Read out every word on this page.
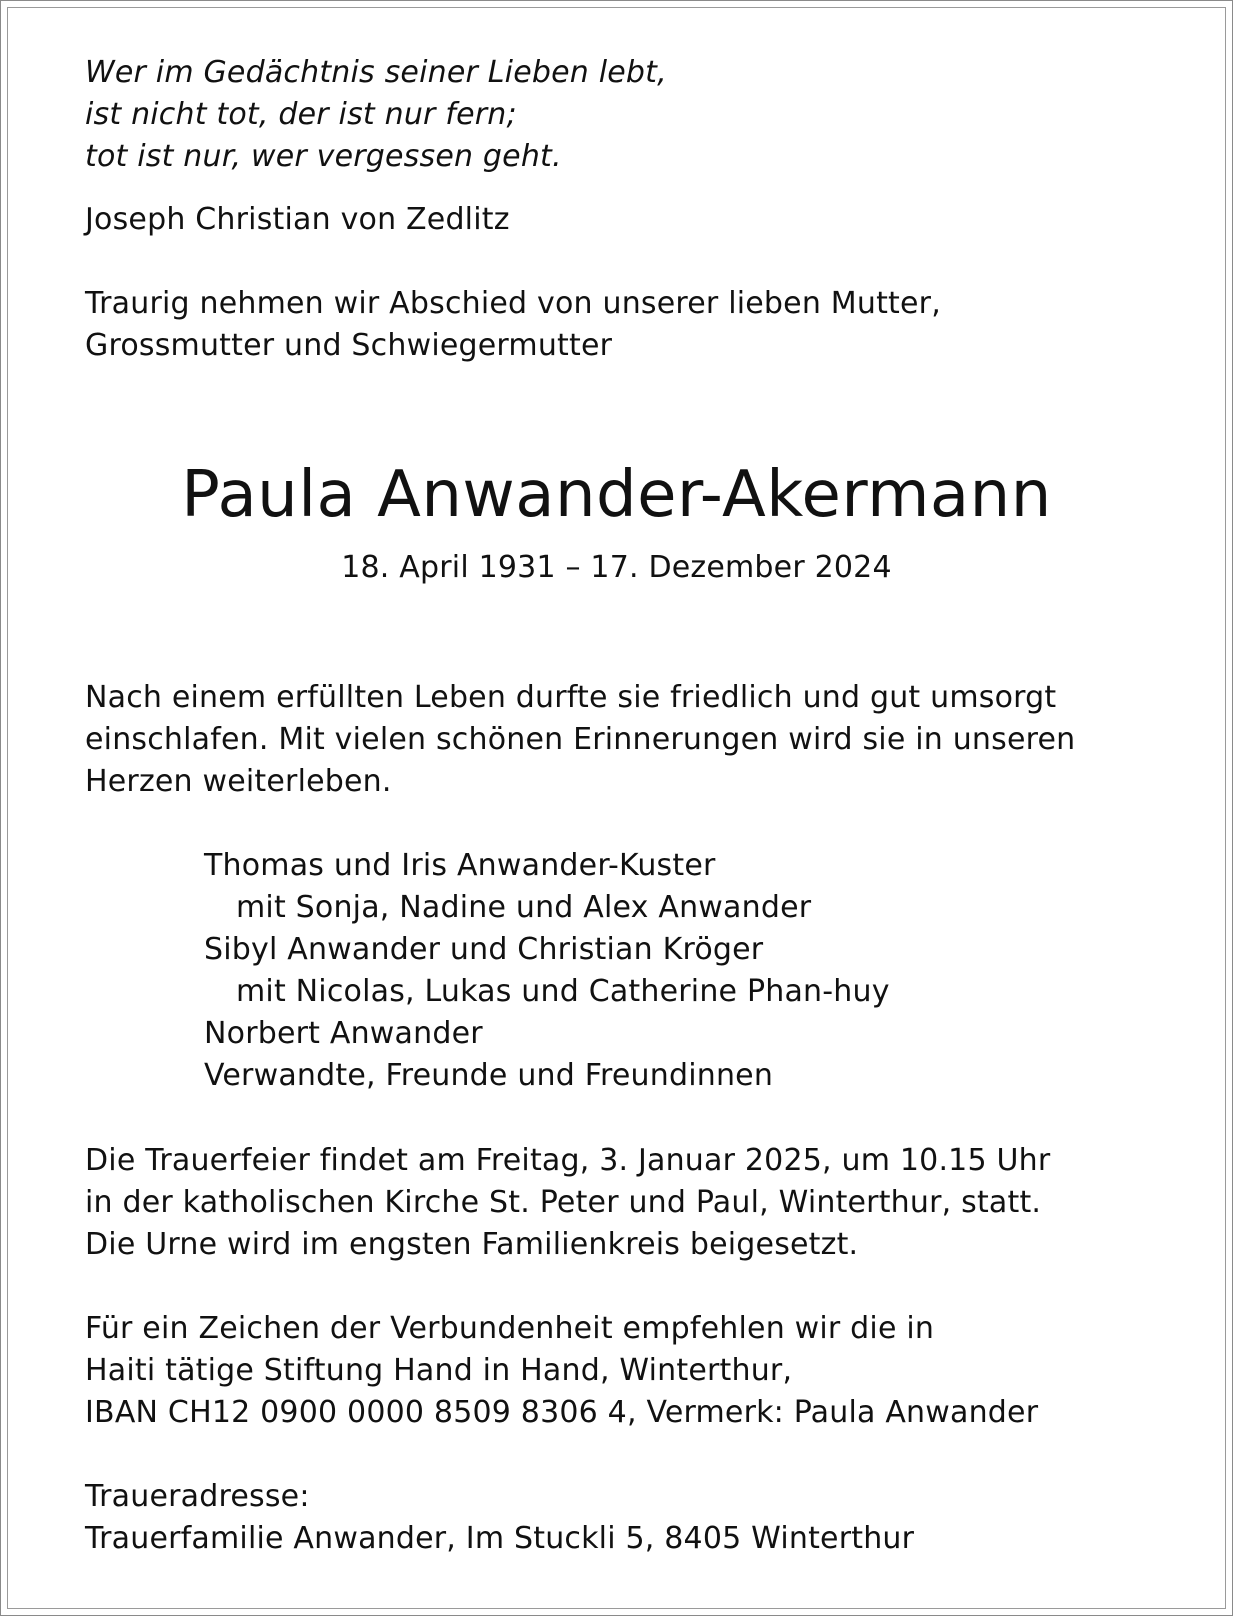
Wer im Gedächtnis seiner Lieben lebt,
ist nicht tot, der ist nur fern;
tot ist nur, wer vergessen geht.
Joseph Christian von Zedlitz
Traurig nehmen wir Abschied von unserer lieben Mutter,
Grossmutter und Schwiegermutter
Paula Anwander-Akermann
18. April 1931 – 17. Dezember 2024
Nach einem erfüllten Leben durfte sie friedlich und gut umsorgt
einschlafen. Mit vielen schönen Erinnerungen wird sie in unseren
Herzen weiterleben.
Thomas und Iris Anwander-Kuster
mit Sonja, Nadine und Alex Anwander
Sibyl Anwander und Christian Kröger
mit Nicolas, Lukas und Catherine Phan-huy
Norbert Anwander
Verwandte, Freunde und Freundinnen
Die Trauerfeier findet am Freitag, 3. Januar 2025, um 10.15 Uhr
in der katholischen Kirche St. Peter und Paul, Winterthur, statt.
Die Urne wird im engsten Familienkreis beigesetzt.
Für ein Zeichen der Verbundenheit empfehlen wir die in
Haiti tätige Stiftung Hand in Hand, Winterthur,
IBAN CH12 0900 0000 8509 8306 4, Vermerk: Paula Anwander
Traueradresse:
Trauerfamilie Anwander, Im Stuckli 5, 8405 Winterthur
